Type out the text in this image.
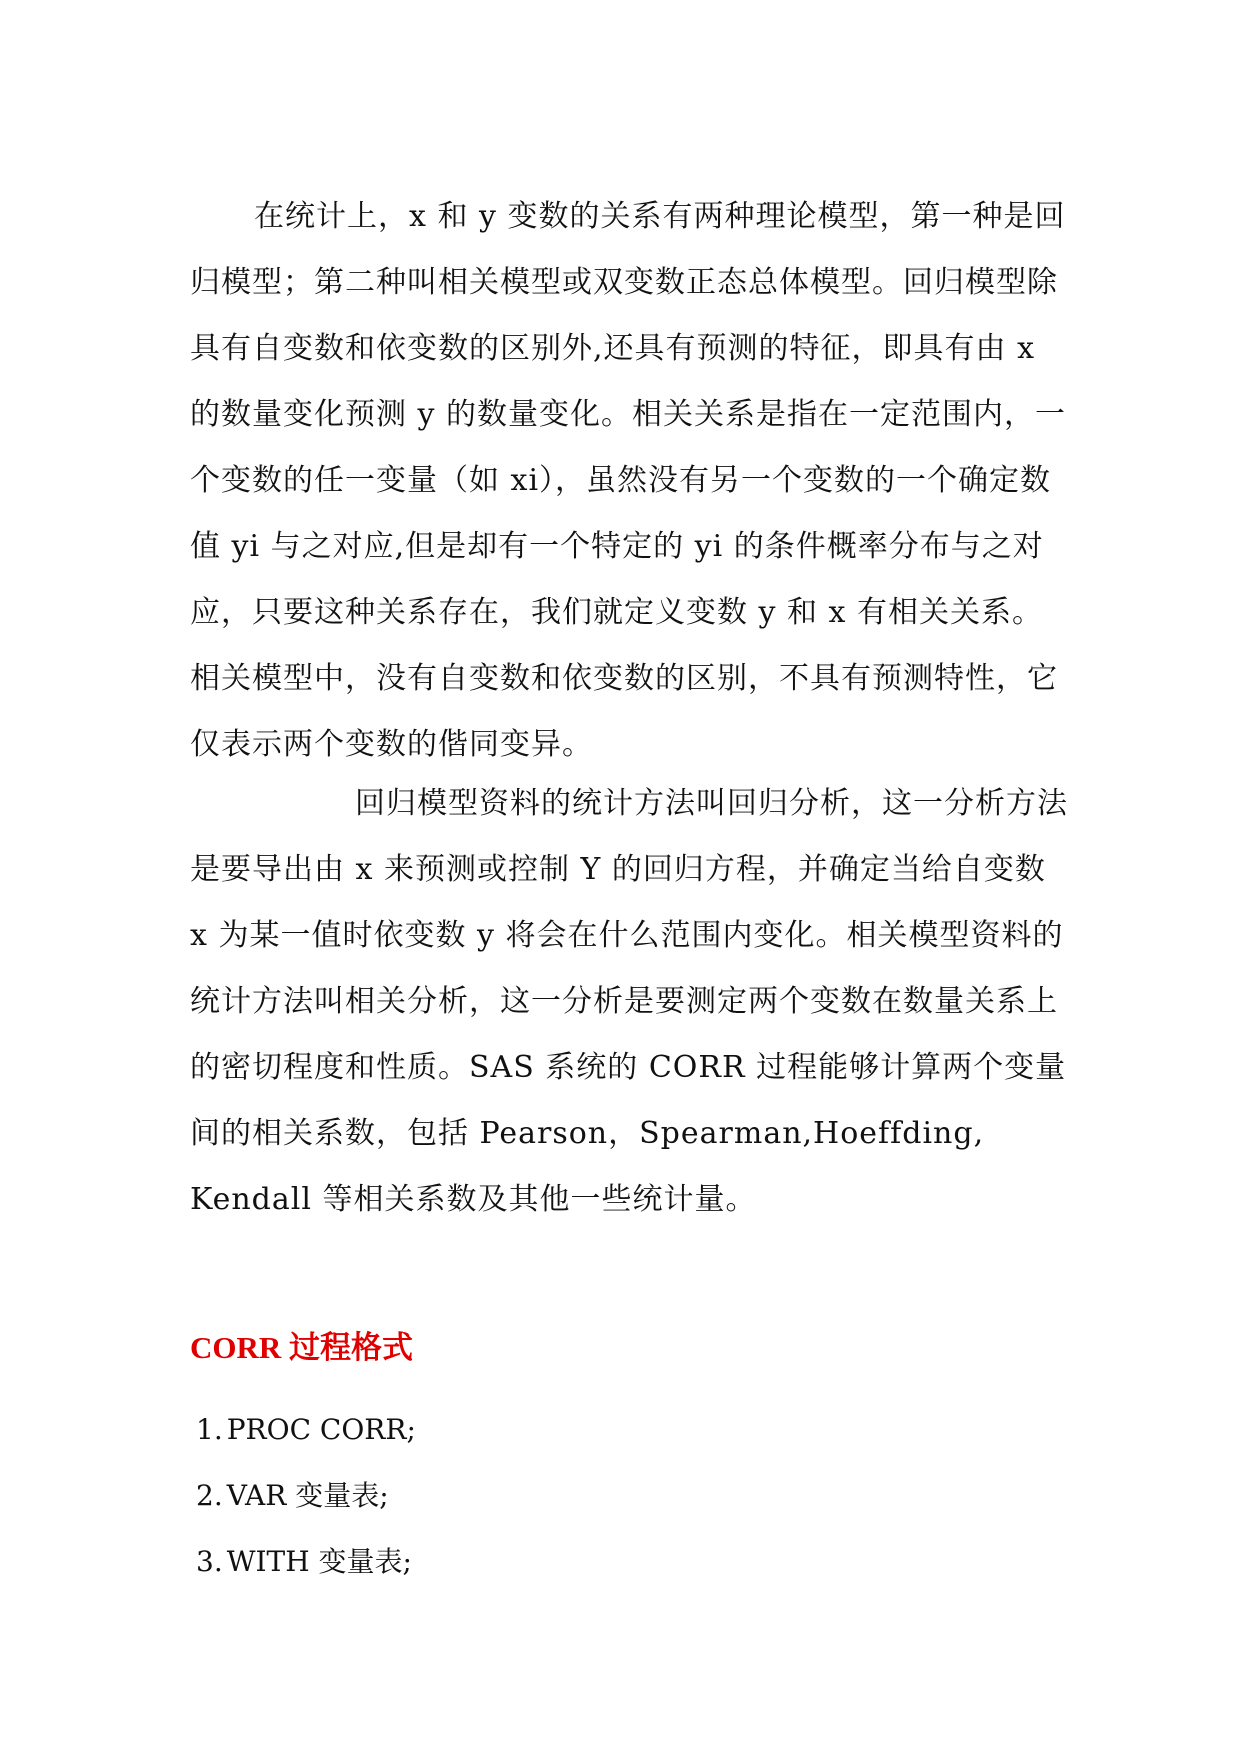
在统计上，x 和 y 变数的关系有两种理论模型，第一种是回归模型；第二种叫相关模型或双变数正态总体模型。回归模型除具有自变数和依变数的区别外,还具有预测的特征，即具有由 x 的数量变化预测 y 的数量变化。相关关系是指在一定范围内，一个变数的任一变量（如 xi），虽然没有另一个变数的一个确定数值 yi 与之对应,但是却有一个特定的 yi 的条件概率分布与之对应，只要这种关系存在，我们就定义变数 y 和 x 有相关关系。相关模型中，没有自变数和依变数的区别，不具有预测特性，它仅表示两个变数的偕同变异。

回归模型资料的统计方法叫回归分析，这一分析方法是要导出由 x 来预测或控制 Y 的回归方程，并确定当给自变数 x 为某一值时依变数 y 将会在什么范围内变化。相关模型资料的统计方法叫相关分析，这一分析是要测定两个变数在数量关系上的密切程度和性质。SAS 系统的 CORR 过程能够计算两个变量间的相关系数，包括 Pearson，Spearman,Hoeffding, Kendall 等相关系数及其他一些统计量。

CORR 过程格式
1. PROC CORR;
2. VAR 变量表;
3. WITH 变量表;
